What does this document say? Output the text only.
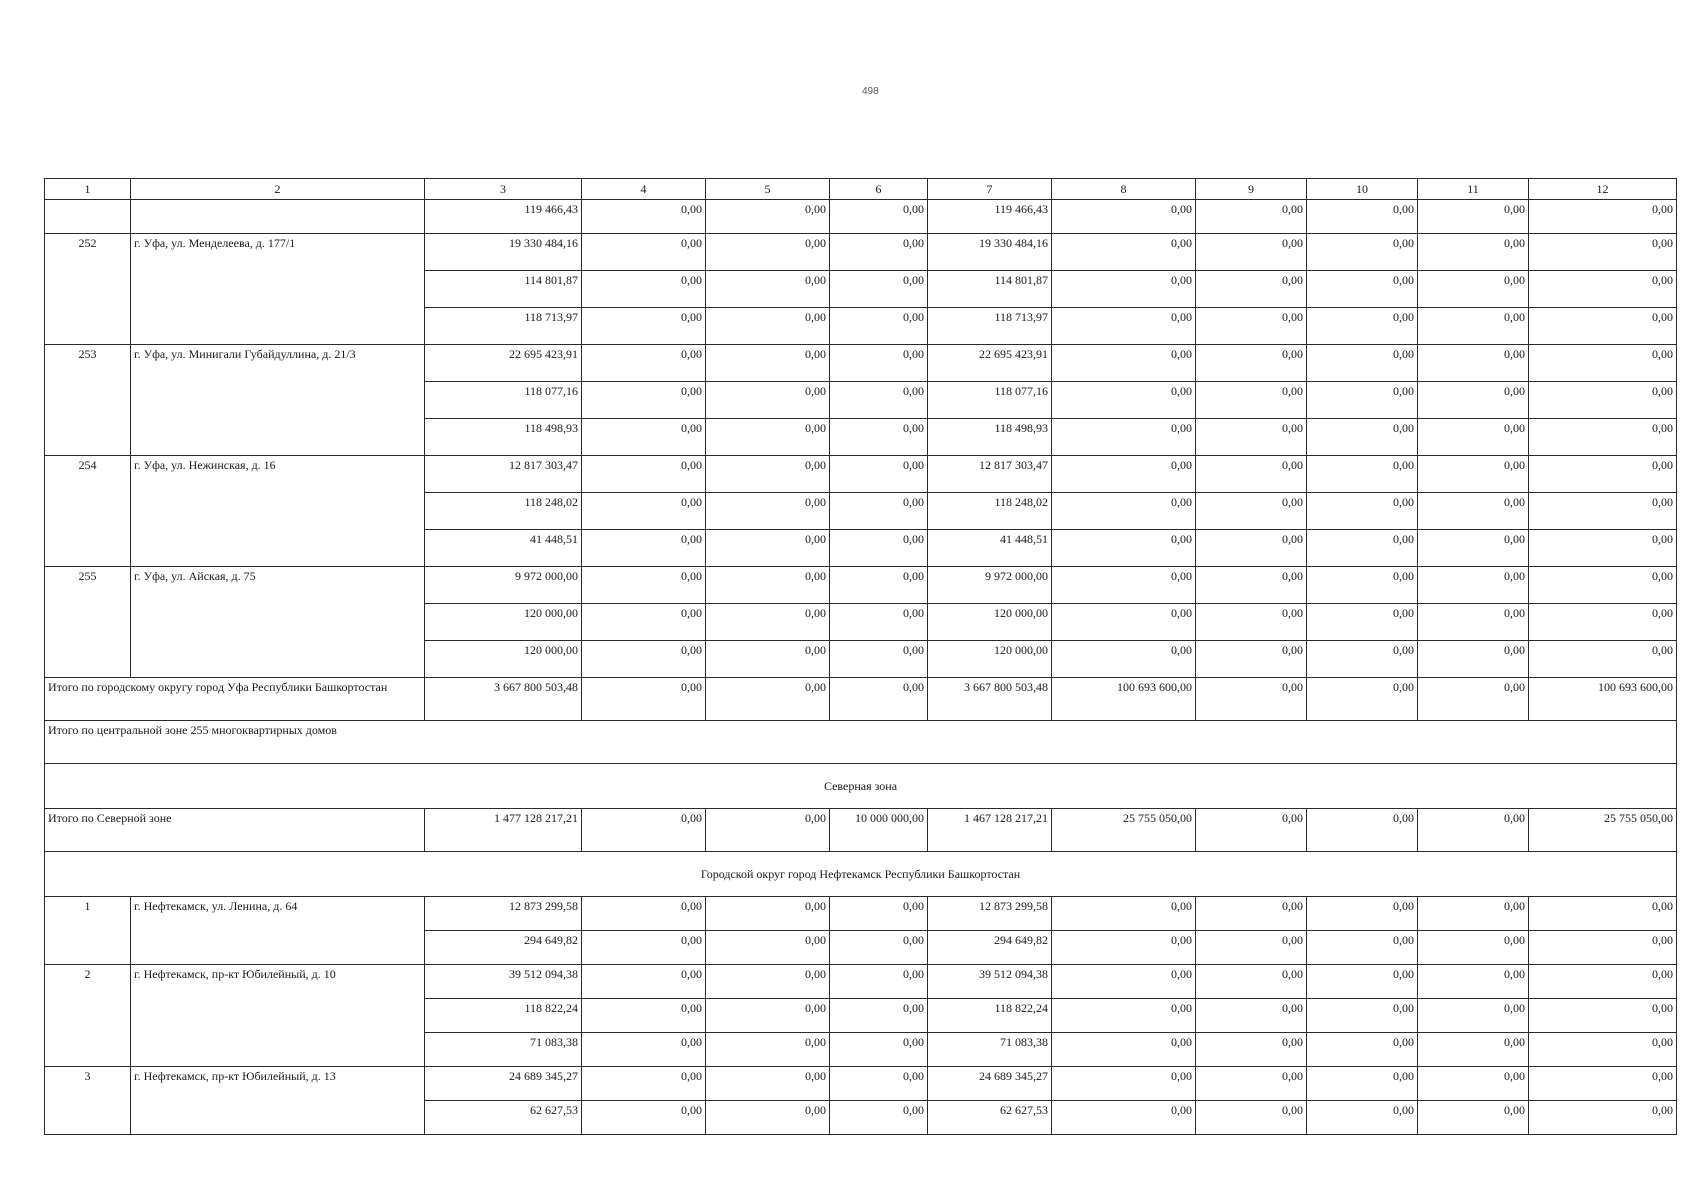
498
1	2	3	4	5	6	7	8	9	10	11	12
		119 466,43	0,00	0,00	0,00	119 466,43	0,00	0,00	0,00	0,00	0,00
252	г. Уфа, ул. Менделеева, д. 177/1	19 330 484,16	0,00	0,00	0,00	19 330 484,16	0,00	0,00	0,00	0,00	0,00
		114 801,87	0,00	0,00	0,00	114 801,87	0,00	0,00	0,00	0,00	0,00
		118 713,97	0,00	0,00	0,00	118 713,97	0,00	0,00	0,00	0,00	0,00
253	г. Уфа, ул. Минигали Губайдуллина, д. 21/3	22 695 423,91	0,00	0,00	0,00	22 695 423,91	0,00	0,00	0,00	0,00	0,00
		118 077,16	0,00	0,00	0,00	118 077,16	0,00	0,00	0,00	0,00	0,00
		118 498,93	0,00	0,00	0,00	118 498,93	0,00	0,00	0,00	0,00	0,00
254	г. Уфа, ул. Нежинская, д. 16	12 817 303,47	0,00	0,00	0,00	12 817 303,47	0,00	0,00	0,00	0,00	0,00
		118 248,02	0,00	0,00	0,00	118 248,02	0,00	0,00	0,00	0,00	0,00
		41 448,51	0,00	0,00	0,00	41 448,51	0,00	0,00	0,00	0,00	0,00
255	г. Уфа, ул. Айская, д. 75	9 972 000,00	0,00	0,00	0,00	9 972 000,00	0,00	0,00	0,00	0,00	0,00
		120 000,00	0,00	0,00	0,00	120 000,00	0,00	0,00	0,00	0,00	0,00
		120 000,00	0,00	0,00	0,00	120 000,00	0,00	0,00	0,00	0,00	0,00
Итого по городскому округу город Уфа Республики Башкортостан		3 667 800 503,48	0,00	0,00	0,00	3 667 800 503,48	100 693 600,00	0,00	0,00	0,00	100 693 600,00
Итого по центральной зоне 255 многоквартирных домов											
Северная зона											
Итого по Северной зоне		1 477 128 217,21	0,00	0,00	10 000 000,00	1 467 128 217,21	25 755 050,00	0,00	0,00	0,00	25 755 050,00
Городской округ город Нефтекамск Республики Башкортостан											
1	г. Нефтекамск, ул. Ленина, д. 64	12 873 299,58	0,00	0,00	0,00	12 873 299,58	0,00	0,00	0,00	0,00	0,00
		294 649,82	0,00	0,00	0,00	294 649,82	0,00	0,00	0,00	0,00	0,00
2	г. Нефтекамск, пр-кт Юбилейный, д. 10	39 512 094,38	0,00	0,00	0,00	39 512 094,38	0,00	0,00	0,00	0,00	0,00
		118 822,24	0,00	0,00	0,00	118 822,24	0,00	0,00	0,00	0,00	0,00
		71 083,38	0,00	0,00	0,00	71 083,38	0,00	0,00	0,00	0,00	0,00
3	г. Нефтекамск, пр-кт Юбилейный, д. 13	24 689 345,27	0,00	0,00	0,00	24 689 345,27	0,00	0,00	0,00	0,00	0,00
		62 627,53	0,00	0,00	0,00	62 627,53	0,00	0,00	0,00	0,00	0,00
